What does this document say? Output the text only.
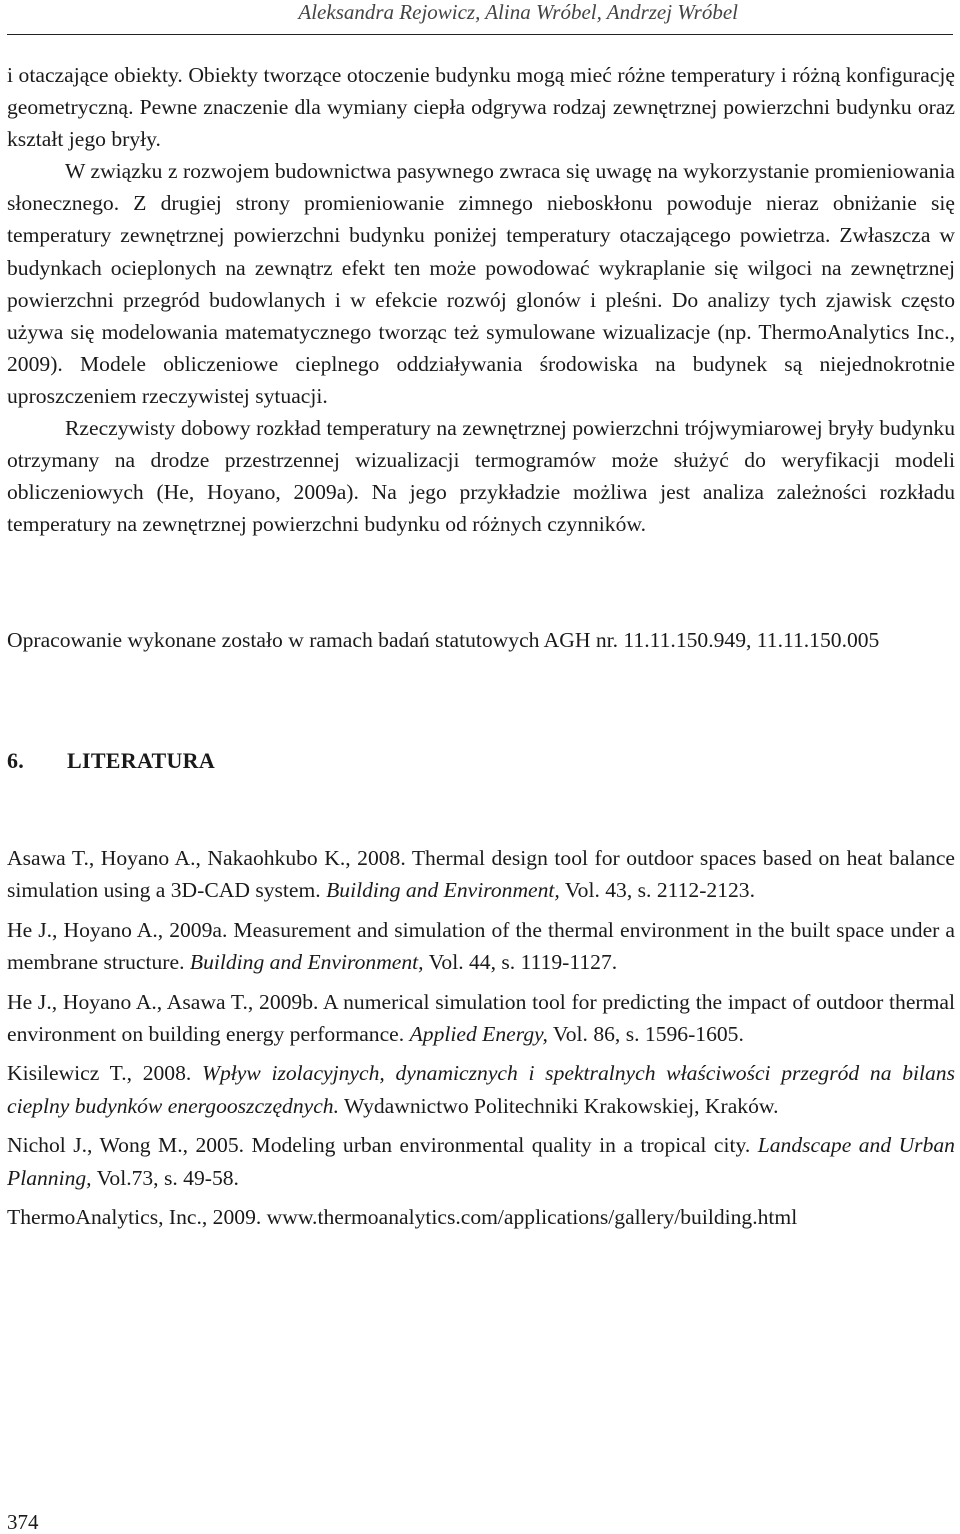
Aleksandra Rejowicz, Alina Wróbel, Andrzej Wróbel

i otaczające obiekty. Obiekty tworzące otoczenie budynku mogą mieć różne temperatury i różną konfigurację geometryczną. Pewne znaczenie dla wymiany ciepła odgrywa rodzaj zewnętrznej powierzchni budynku oraz kształt jego bryły.

W związku z rozwojem budownictwa pasywnego zwraca się uwagę na wykorzystanie promieniowania słonecznego. Z drugiej strony promieniowanie zimnego nieboskłonu powoduje nieraz obniżanie się temperatury zewnętrznej powierzchni budynku poniżej temperatury otaczającego powietrza. Zwłaszcza w budynkach ocieplonych na zewnątrz efekt ten może powodować wykraplanie się wilgoci na zewnętrznej powierzchni przegród budowlanych i w efekcie rozwój glonów i pleśni. Do analizy tych zjawisk często używa się modelowania matematycznego tworząc też symulowane wizualizacje (np. ThermoAnalytics Inc., 2009). Modele obliczeniowe cieplnego oddziaływania środowiska na budynek są niejednokrotnie uproszczeniem rzeczywistej sytuacji.

Rzeczywisty dobowy rozkład temperatury na zewnętrznej powierzchni trójwymiarowej bryły budynku otrzymany na drodze przestrzennej wizualizacji termogramów może służyć do weryfikacji modeli obliczeniowych (He, Hoyano, 2009a). Na jego przykładzie możliwa jest analiza zależności rozkładu temperatury na zewnętrznej powierzchni budynku od różnych czynników.

Opracowanie wykonane zostało w ramach badań statutowych AGH nr. 11.11.150.949, 11.11.150.005

6. LITERATURA

Asawa T., Hoyano A., Nakaohkubo K., 2008. Thermal design tool for outdoor spaces based on heat balance simulation using a 3D-CAD system. Building and Environment, Vol. 43, s. 2112-2123.

He J., Hoyano A., 2009a. Measurement and simulation of the thermal environment in the built space under a membrane structure. Building and Environment, Vol. 44, s. 1119-1127.

He J., Hoyano A., Asawa T., 2009b. A numerical simulation tool for predicting the impact of outdoor thermal environment on building energy performance. Applied Energy, Vol. 86, s. 1596-1605.

Kisilewicz T., 2008. Wpływ izolacyjnych, dynamicznych i spektralnych właściwości przegród na bilans cieplny budynków energooszczędnych. Wydawnictwo Politechniki Krakowskiej, Kraków.

Nichol J., Wong M., 2005. Modeling urban environmental quality in a tropical city. Landscape and Urban Planning, Vol.73, s. 49-58.

ThermoAnalytics, Inc., 2009. www.thermoanalytics.com/applications/gallery/building.html

374
